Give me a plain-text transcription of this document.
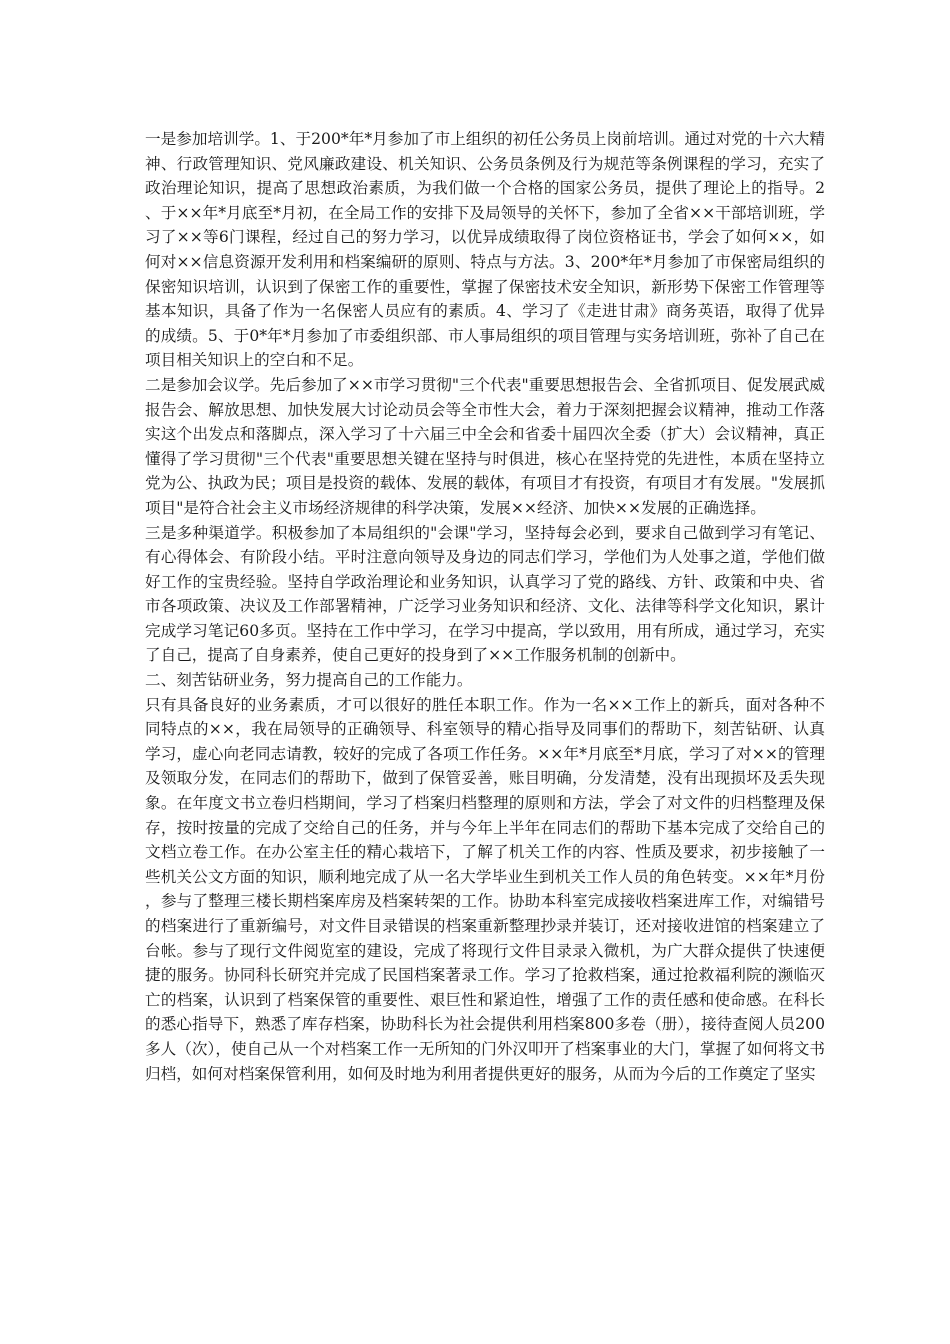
一是参加培训学。1、于200*年*月参加了市上组织的初任公务员上岗前培训。通过对党的十六大精神、行政管理知识、党风廉政建设、机关知识、公务员条例及行为规范等条例课程的学习，充实了政治理论知识，提高了思想政治素质，为我们做一个合格的国家公务员，提供了理论上的指导。2、于××年*月底至*月初，在全局工作的安排下及局领导的关怀下，参加了全省××干部培训班，学习了××等6门课程，经过自己的努力学习，以优异成绩取得了岗位资格证书，学会了如何××，如何对××信息资源开发利用和档案编研的原则、特点与方法。3、200*年*月参加了市保密局组织的保密知识培训，认识到了保密工作的重要性，掌握了保密技术安全知识，新形势下保密工作管理等基本知识，具备了作为一名保密人员应有的素质。4、学习了《走进甘肃》商务英语，取得了优异的成绩。5、于0*年*月参加了市委组织部、市人事局组织的项目管理与实务培训班，弥补了自己在项目相关知识上的空白和不足。

二是参加会议学。先后参加了××市学习贯彻"三个代表"重要思想报告会、全省抓项目、促发展武威报告会、解放思想、加快发展大讨论动员会等全市性大会，着力于深刻把握会议精神，推动工作落实这个出发点和落脚点，深入学习了十六届三中全会和省委十届四次全委（扩大）会议精神，真正懂得了学习贯彻"三个代表"重要思想关键在坚持与时俱进，核心在坚持党的先进性，本质在坚持立党为公、执政为民；项目是投资的载体、发展的载体，有项目才有投资，有项目才有发展。"发展抓项目"是符合社会主义市场经济规律的科学决策，发展××经济、加快××发展的正确选择。

三是多种渠道学。积极参加了本局组织的"会课"学习，坚持每会必到，要求自己做到学习有笔记、有心得体会、有阶段小结。平时注意向领导及身边的同志们学习，学他们为人处事之道，学他们做好工作的宝贵经验。坚持自学政治理论和业务知识，认真学习了党的路线、方针、政策和中央、省市各项政策、决议及工作部署精神，广泛学习业务知识和经济、文化、法律等科学文化知识，累计完成学习笔记60多页。坚持在工作中学习，在学习中提高，学以致用，用有所成，通过学习，充实了自己，提高了自身素养，使自己更好的投身到了××工作服务机制的创新中。

二、刻苦钻研业务，努力提高自己的工作能力。

只有具备良好的业务素质，才可以很好的胜任本职工作。作为一名××工作上的新兵，面对各种不同特点的××，我在局领导的正确领导、科室领导的精心指导及同事们的帮助下，刻苦钻研、认真学习，虚心向老同志请教，较好的完成了各项工作任务。××年*月底至*月底，学习了对××的管理及领取分发，在同志们的帮助下，做到了保管妥善，账目明确，分发清楚，没有出现损坏及丢失现象。在年度文书立卷归档期间，学习了档案归档整理的原则和方法，学会了对文件的归档整理及保存，按时按量的完成了交给自己的任务，并与今年上半年在同志们的帮助下基本完成了交给自己的文档立卷工作。在办公室主任的精心栽培下，了解了机关工作的内容、性质及要求，初步接触了一些机关公文方面的知识，顺利地完成了从一名大学毕业生到机关工作人员的角色转变。××年*月份，参与了整理三楼长期档案库房及档案转架的工作。协助本科室完成接收档案进库工作，对编错号的档案进行了重新编号，对文件目录错误的档案重新整理抄录并装订，还对接收进馆的档案建立了台帐。参与了现行文件阅览室的建设，完成了将现行文件目录录入微机，为广大群众提供了快速便捷的服务。协同科长研究并完成了民国档案著录工作。学习了抢救档案，通过抢救福利院的濒临灭亡的档案，认识到了档案保管的重要性、艰巨性和紧迫性，增强了工作的责任感和使命感。在科长的悉心指导下，熟悉了库存档案，协助科长为社会提供利用档案800多卷（册），接待查阅人员200多人（次），使自己从一个对档案工作一无所知的门外汉叩开了档案事业的大门，掌握了如何将文书归档，如何对档案保管利用，如何及时地为利用者提供更好的服务，从而为今后的工作奠定了坚实
